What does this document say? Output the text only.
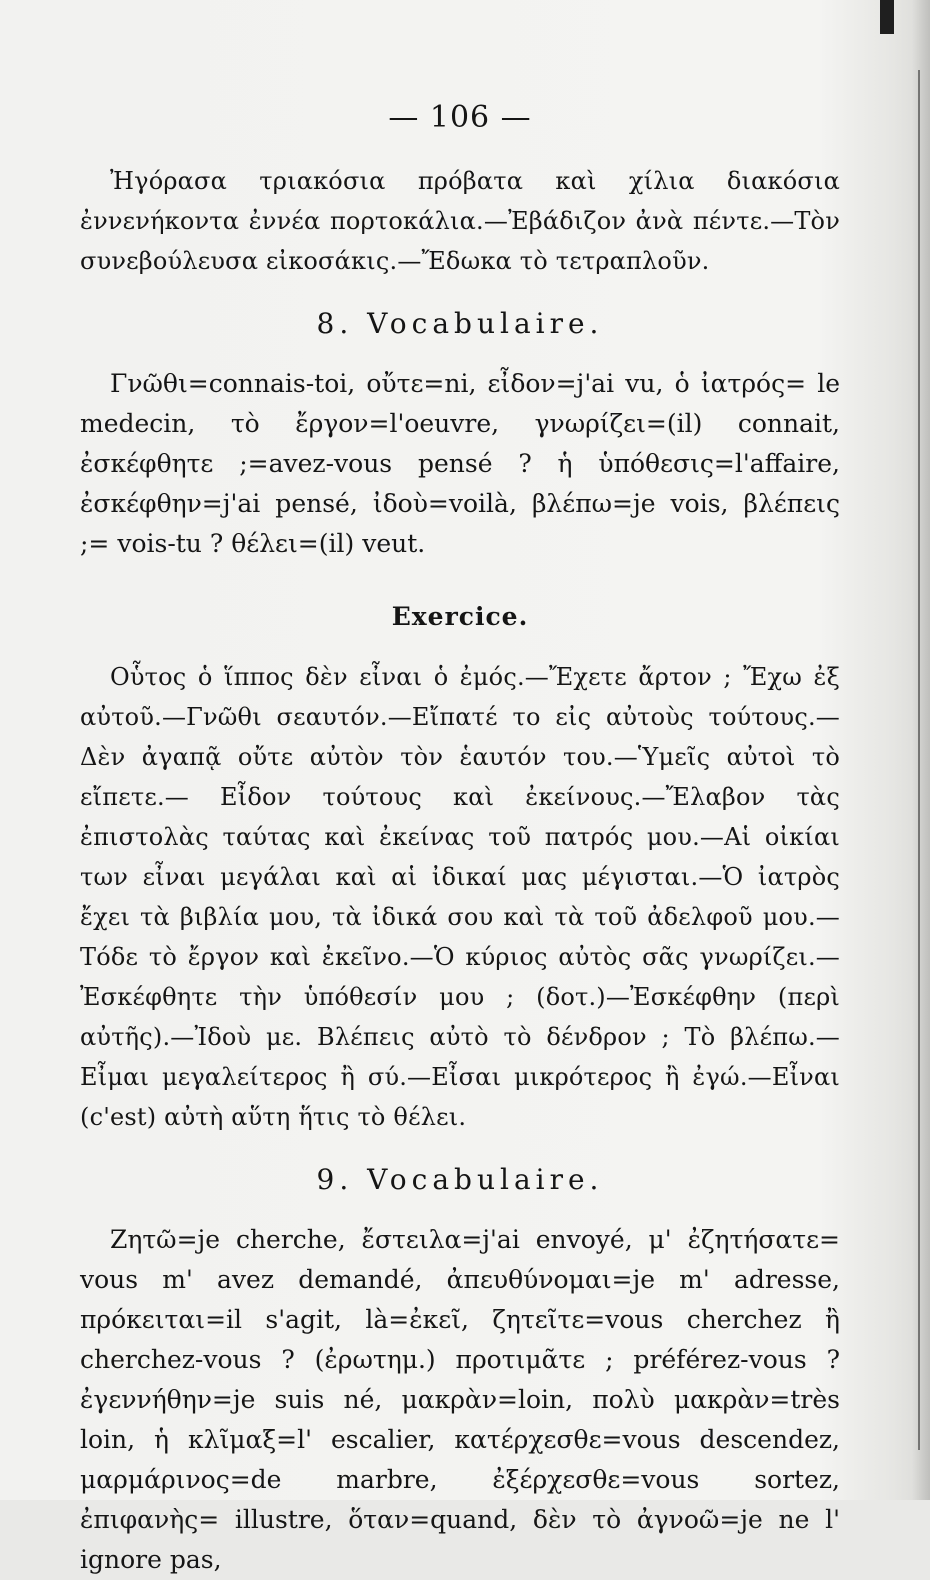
— 106 —

Ἠγόρασα τριακόσια πρόβατα καὶ χίλια διακόσια ἐννενήκοντα ἐννέα πορτοκάλια.—Ἐβάδιζον ἀνὰ πέντε.—Τὸν συνεβούλευσα εἰκοσάκις.—Ἔδωκα τὸ τετραπλοῦν.

8. Vocabulaire.

Γνῶθι=connais-toi, οὔτε=ni, εἶδον=j'ai vu, ὁ ἰατρός= le medecin, τὸ ἔργον=l'oeuvre, γνωρίζει=(il) connait, ἐσκέφθητε ;=avez-vous pensé ? ἡ ὑπόθεσις=l'affaire, ἐσκέφθην=j'ai pensé, ἰδοὺ=voilà, βλέπω=je vois, βλέπεις ;= vois-tu ? θέλει=(il) veut.

Exercice.

Οὗτος ὁ ἵππος δὲν εἶναι ὁ ἐμός.—Ἔχετε ἄρτον ; Ἔχω ἐξ αὐτοῦ.—Γνῶθι σεαυτόν.—Εἴπατέ το εἰς αὐτοὺς τούτους.—Δὲν ἀγαπᾷ οὔτε αὐτὸν τὸν ἑαυτόν του.—Ὑμεῖς αὐτοὶ τὸ εἴπετε.— Εἶδον τούτους καὶ ἐκείνους.—Ἔλαβον τὰς ἐπιστολὰς ταύτας καὶ ἐκείνας τοῦ πατρός μου.—Αἱ οἰκίαι των εἶναι μεγάλαι καὶ αἱ ἰδικαί μας μέγισται.—Ὁ ἰατρὸς ἔχει τὰ βιβλία μου, τὰ ἰδικά σου καὶ τὰ τοῦ ἀδελφοῦ μου.—Τόδε τὸ ἔργον καὶ ἐκεῖνο.—Ὁ κύριος αὐτὸς σᾶς γνωρίζει.—Ἐσκέφθητε τὴν ὑπόθεσίν μου ; (δοτ.)—Ἐσκέφθην (περὶ αὐτῆς).—Ἰδοὺ με. Βλέπεις αὐτὸ τὸ δένδρον ; Τὸ βλέπω.—Εἶμαι μεγαλείτερος ἢ σύ.—Εἶσαι μικρότερος ἢ ἐγώ.—Εἶναι (c'est) αὐτὴ αὕτη ἥτις τὸ θέλει.

9. Vocabulaire.

Ζητῶ=je cherche, ἔστειλα=j'ai envoyé, μ' ἐζητήσατε= vous m' avez demandé, ἀπευθύνομαι=je m' adresse, πρόκειται=il s'agit, là=ἐκεῖ, ζητεῖτε=vous cherchez ἢ cherchez-vous ? (ἐρωτημ.) προτιμᾶτε ; préférez-vous ? ἐγεννήθην=je suis né, μακρὰν=loin, πολὺ μακρὰν=très loin, ἡ κλῖμαξ=l' escalier, κατέρχεσθε=vous descendez, μαρμάρινος=de marbre, ἐξέρχεσθε=vous sortez, ἐπιφανὴς= illustre, ὅταν=quand, δὲν τὸ ἀγνοῶ=je ne l' ignore pas,
